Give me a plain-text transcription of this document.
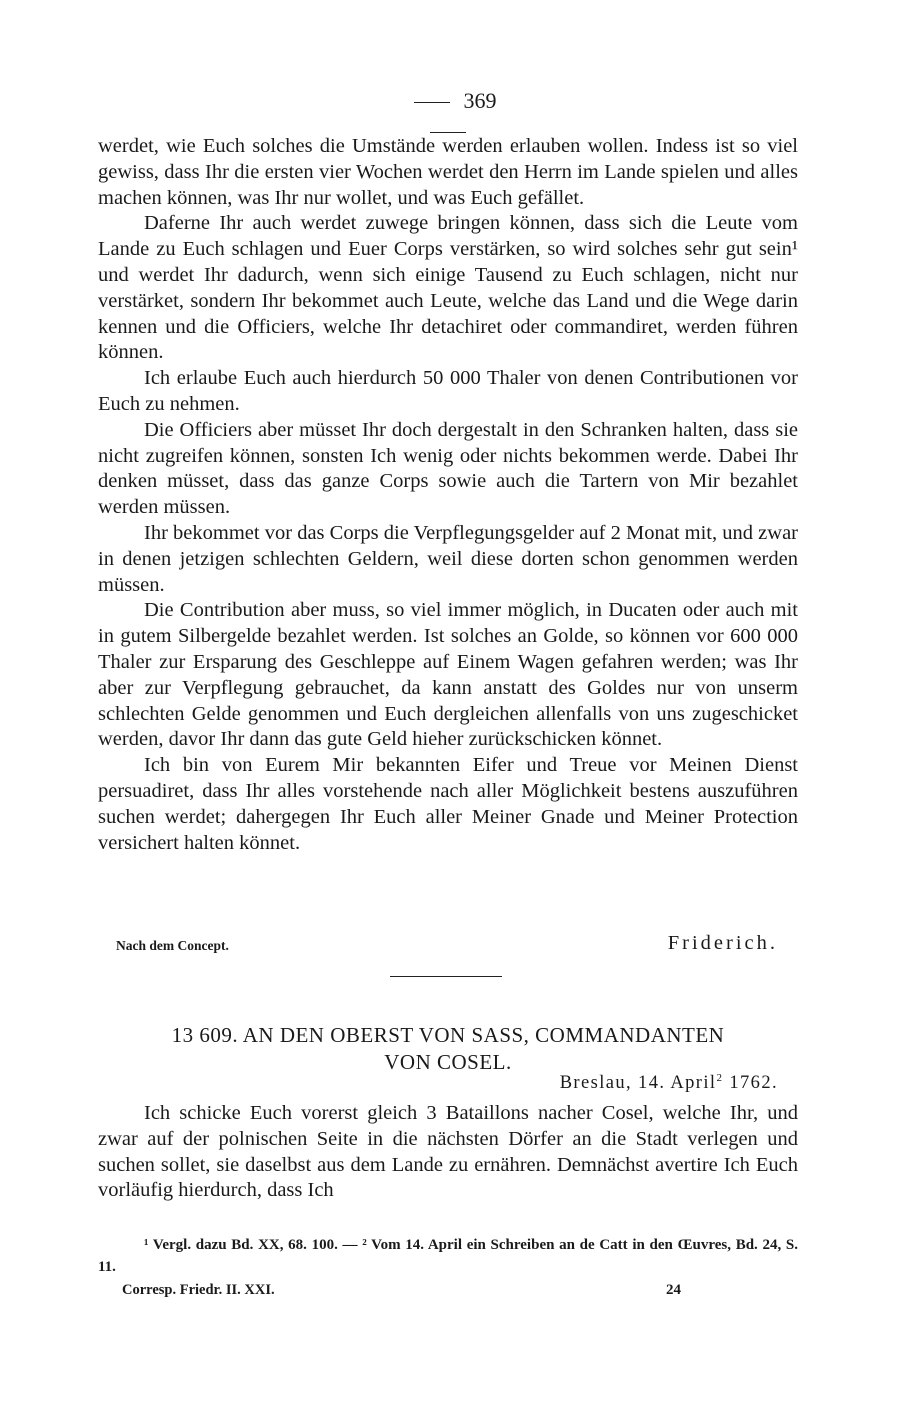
369

werdet, wie Euch solches die Umstände werden erlauben wollen. Indess ist so viel gewiss, dass Ihr die ersten vier Wochen werdet den Herrn im Lande spielen und alles machen können, was Ihr nur wollet, und was Euch gefället.

Daferne Ihr auch werdet zuwege bringen können, dass sich die Leute vom Lande zu Euch schlagen und Euer Corps verstärken, so wird solches sehr gut sein¹ und werdet Ihr dadurch, wenn sich einige Tausend zu Euch schlagen, nicht nur verstärket, sondern Ihr bekommet auch Leute, welche das Land und die Wege darin kennen und die Officiers, welche Ihr detachiret oder commandiret, werden führen können.

Ich erlaube Euch auch hierdurch 50 000 Thaler von denen Contributionen vor Euch zu nehmen.

Die Officiers aber müsset Ihr doch dergestalt in den Schranken halten, dass sie nicht zugreifen können, sonsten Ich wenig oder nichts bekommen werde. Dabei Ihr denken müsset, dass das ganze Corps sowie auch die Tartern von Mir bezahlet werden müssen.

Ihr bekommet vor das Corps die Verpflegungsgelder auf 2 Monat mit, und zwar in denen jetzigen schlechten Geldern, weil diese dorten schon genommen werden müssen.

Die Contribution aber muss, so viel immer möglich, in Ducaten oder auch mit in gutem Silbergelde bezahlet werden. Ist solches an Golde, so können vor 600 000 Thaler zur Ersparung des Geschleppe auf Einem Wagen gefahren werden; was Ihr aber zur Verpflegung gebrauchet, da kann anstatt des Goldes nur von unserm schlechten Gelde genommen und Euch dergleichen allenfalls von uns zugeschicket werden, davor Ihr dann das gute Geld hieher zurückschicken könnet.

Ich bin von Eurem Mir bekannten Eifer und Treue vor Meinen Dienst persuadiret, dass Ihr alles vorstehende nach aller Möglichkeit bestens auszuführen suchen werdet; dahergegen Ihr Euch aller Meiner Gnade und Meiner Protection versichert halten könnet.

Nach dem Concept.	Friderich.
13 609. AN DEN OBERST VON SASS, COMMANDANTEN
VON COSEL.
Breslau, 14. April$^2$ 1762.

Ich schicke Euch vorerst gleich 3 Bataillons nacher Cosel, welche Ihr, und zwar auf der polnischen Seite in die nächsten Dörfer an die Stadt verlegen und suchen sollet, sie daselbst aus dem Lande zu ernähren. Demnächst avertire Ich Euch vorläufig hierdurch, dass Ich

¹ Vergl. dazu Bd. XX, 68. 100. — ² Vom 14. April ein Schreiben an de Catt in den Œuvres, Bd. 24, S. 11.

Corresp. Friedr. II. XXI.	24
